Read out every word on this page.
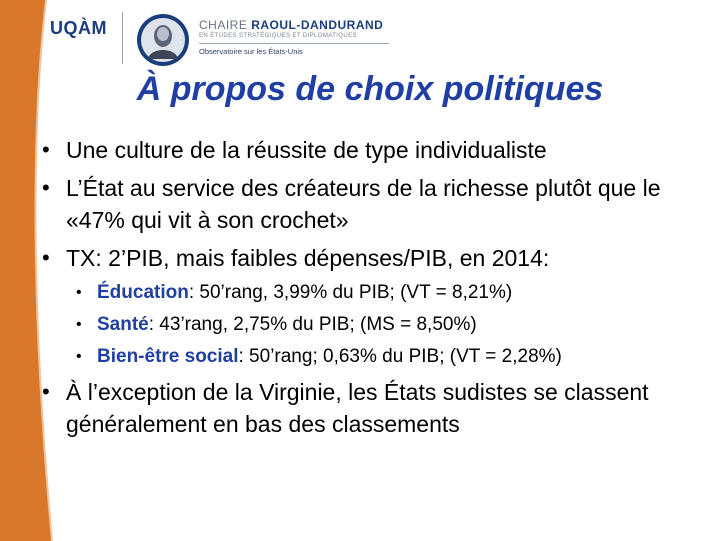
UQÀM	CHAIRE RAOUL-DANDURAND
EN ÉTUDES STRATÉGIQUES ET DIPLOMATIQUES
Observatoire sur les États-Unis
À propos de choix politiques
• Une culture de la réussite de type individualiste
• L’État au service des créateurs de la richesse plutôt que le «47% qui vit à son crochet»
• TX: 2’PIB, mais faibles dépenses/PIB, en 2014:
• Éducation: 50’rang, 3,99% du PIB; (VT = 8,21%)
• Santé: 43’rang, 2,75% du PIB; (MS = 8,50%)
• Bien-être social: 50’rang; 0,63% du PIB; (VT = 2,28%)
• À l’exception de la Virginie, les États sudistes se classent généralement en bas des classements
